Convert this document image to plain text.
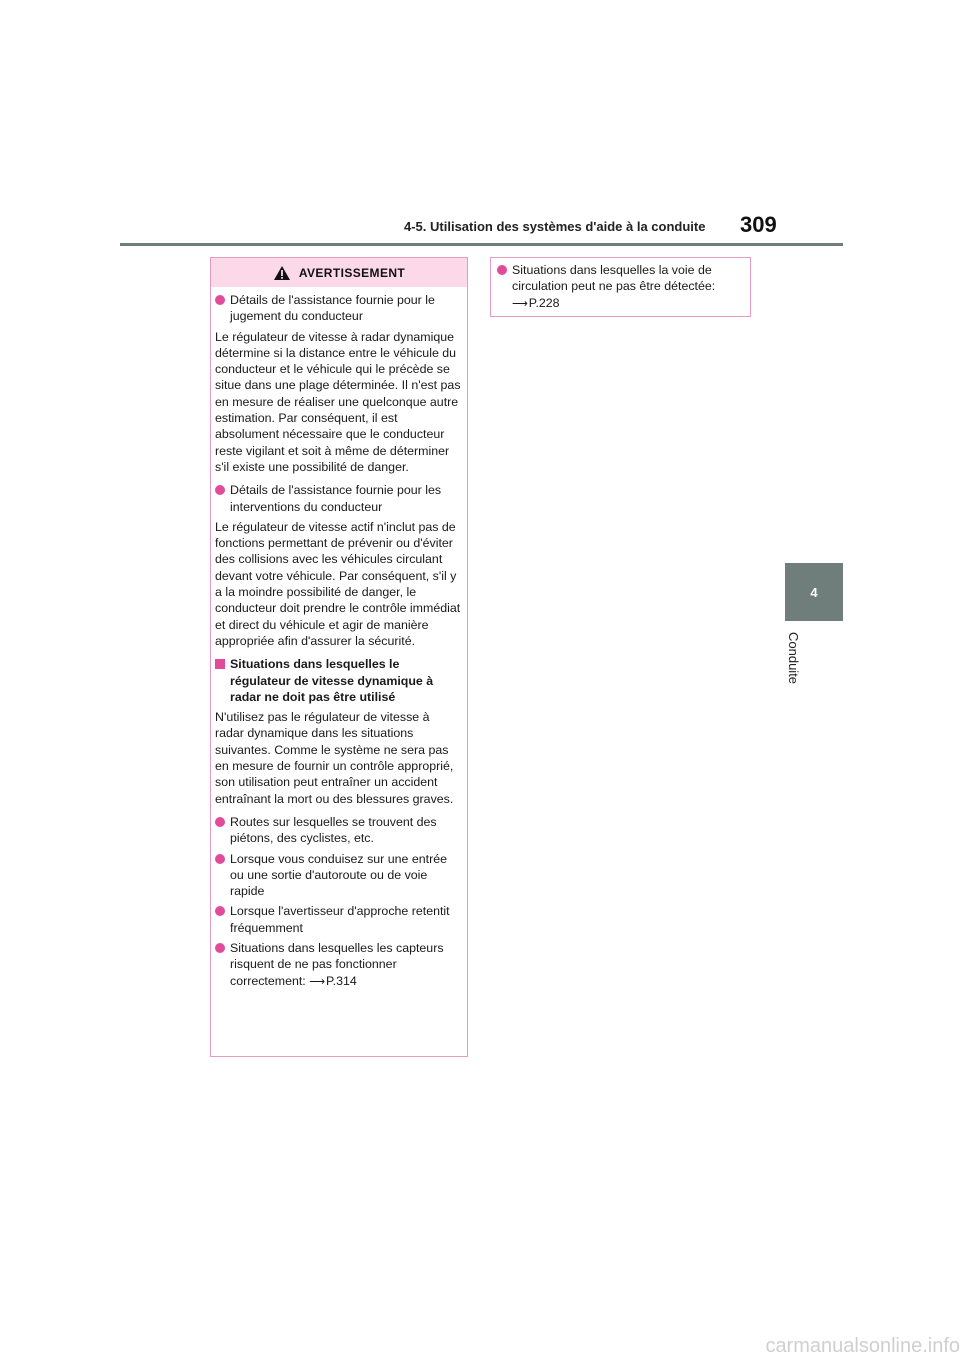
4-5. Utilisation des systèmes d'aide à la conduite 309
4
Conduite
AVERTISSEMENT
Détails de l'assistance fournie pour le jugement du conducteur
Le régulateur de vitesse à radar dynamique détermine si la distance entre le véhicule du conducteur et le véhicule qui le précède se situe dans une plage déterminée. Il n'est pas en mesure de réaliser une quelconque autre estimation. Par conséquent, il est absolument nécessaire que le conducteur reste vigilant et soit à même de déterminer s'il existe une possibilité de danger.
Détails de l'assistance fournie pour les interventions du conducteur
Le régulateur de vitesse actif n'inclut pas de fonctions permettant de prévenir ou d'éviter des collisions avec les véhicules circulant devant votre véhicule. Par conséquent, s'il y a la moindre possibilité de danger, le conducteur doit prendre le contrôle immédiat et direct du véhicule et agir de manière appropriée afin d'assurer la sécurité.
Situations dans lesquelles le régulateur de vitesse dynamique à radar ne doit pas être utilisé
N'utilisez pas le régulateur de vitesse à radar dynamique dans les situations suivantes. Comme le système ne sera pas en mesure de fournir un contrôle approprié, son utilisation peut entraîner un accident entraînant la mort ou des blessures graves.
Routes sur lesquelles se trouvent des piétons, des cyclistes, etc.
Lorsque vous conduisez sur une entrée ou une sortie d'autoroute ou de voie rapide
Lorsque l'avertisseur d'approche retentit fréquemment
Situations dans lesquelles les capteurs risquent de ne pas fonctionner correctement: ⟶P.314
Situations dans lesquelles la voie de circulation peut ne pas être détectée:
⟶P.228
carmanualsonline.info
